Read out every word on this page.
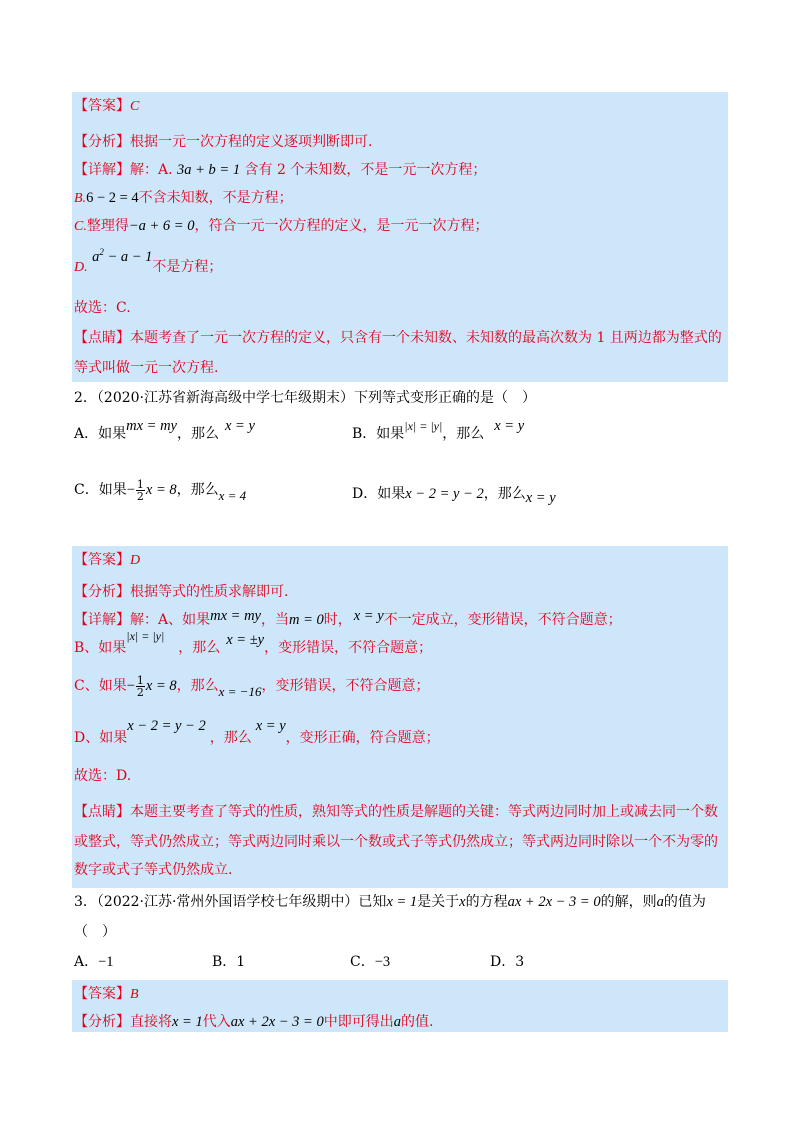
【答案】C
【分析】根据一元一次方程的定义逐项判断即可.
【详解】解：A. 3a + b = 1 含有 2 个未知数，不是一元一次方程；
B.6 − 2 = 4不含未知数，不是方程；
C.整理得−a + 6 = 0，符合一元一次方程的定义，是一元一次方程；
D. $a^2 - a - 1$不是方程；
故选：C.
【点睛】本题考查了一元一次方程的定义，只含有一个未知数、未知数的最高次数为 1 且两边都为整式的
等式叫做一元一次方程.
2．（2020·江苏省新海高级中学七年级期末）下列等式变形正确的是（　）
A．如果mx = my，那么 x = y	B．如果|x| = |y|，那么 x = y
C．如果− $\frac{1}{2}$ x = 8，那么x = 4	D．如果x − 2 = y − 2，那么x = y
【答案】D
【分析】根据等式的性质求解即可.
【详解】解：A、如果mx = my，当m = 0时， x = y不一定成立，变形错误，不符合题意；
B、如果|x| = |y|，那么 x = ±y，变形错误，不符合题意；
C、如果− $\frac{1}{2}$ x = 8，那么x = −16，变形错误，不符合题意；
D、如果x − 2 = y − 2，那么x = y，变形正确，符合题意；
故选：D.
【点睛】本题主要考查了等式的性质，熟知等式的性质是解题的关键：等式两边同时加上或减去同一个数
或整式，等式仍然成立；等式两边同时乘以一个数或式子等式仍然成立；等式两边同时除以一个不为零的
数字或式子等式仍然成立.
3．（2022·江苏·常州外国语学校七年级期中）已知x = 1是关于x的方程ax + 2x − 3 = 0的解，则a的值为
（　）
A．−1	B．1	C．−3	D．3
【答案】B
【分析】直接将x = 1代入ax + 2x − 3 = 0中即可得出a的值.
